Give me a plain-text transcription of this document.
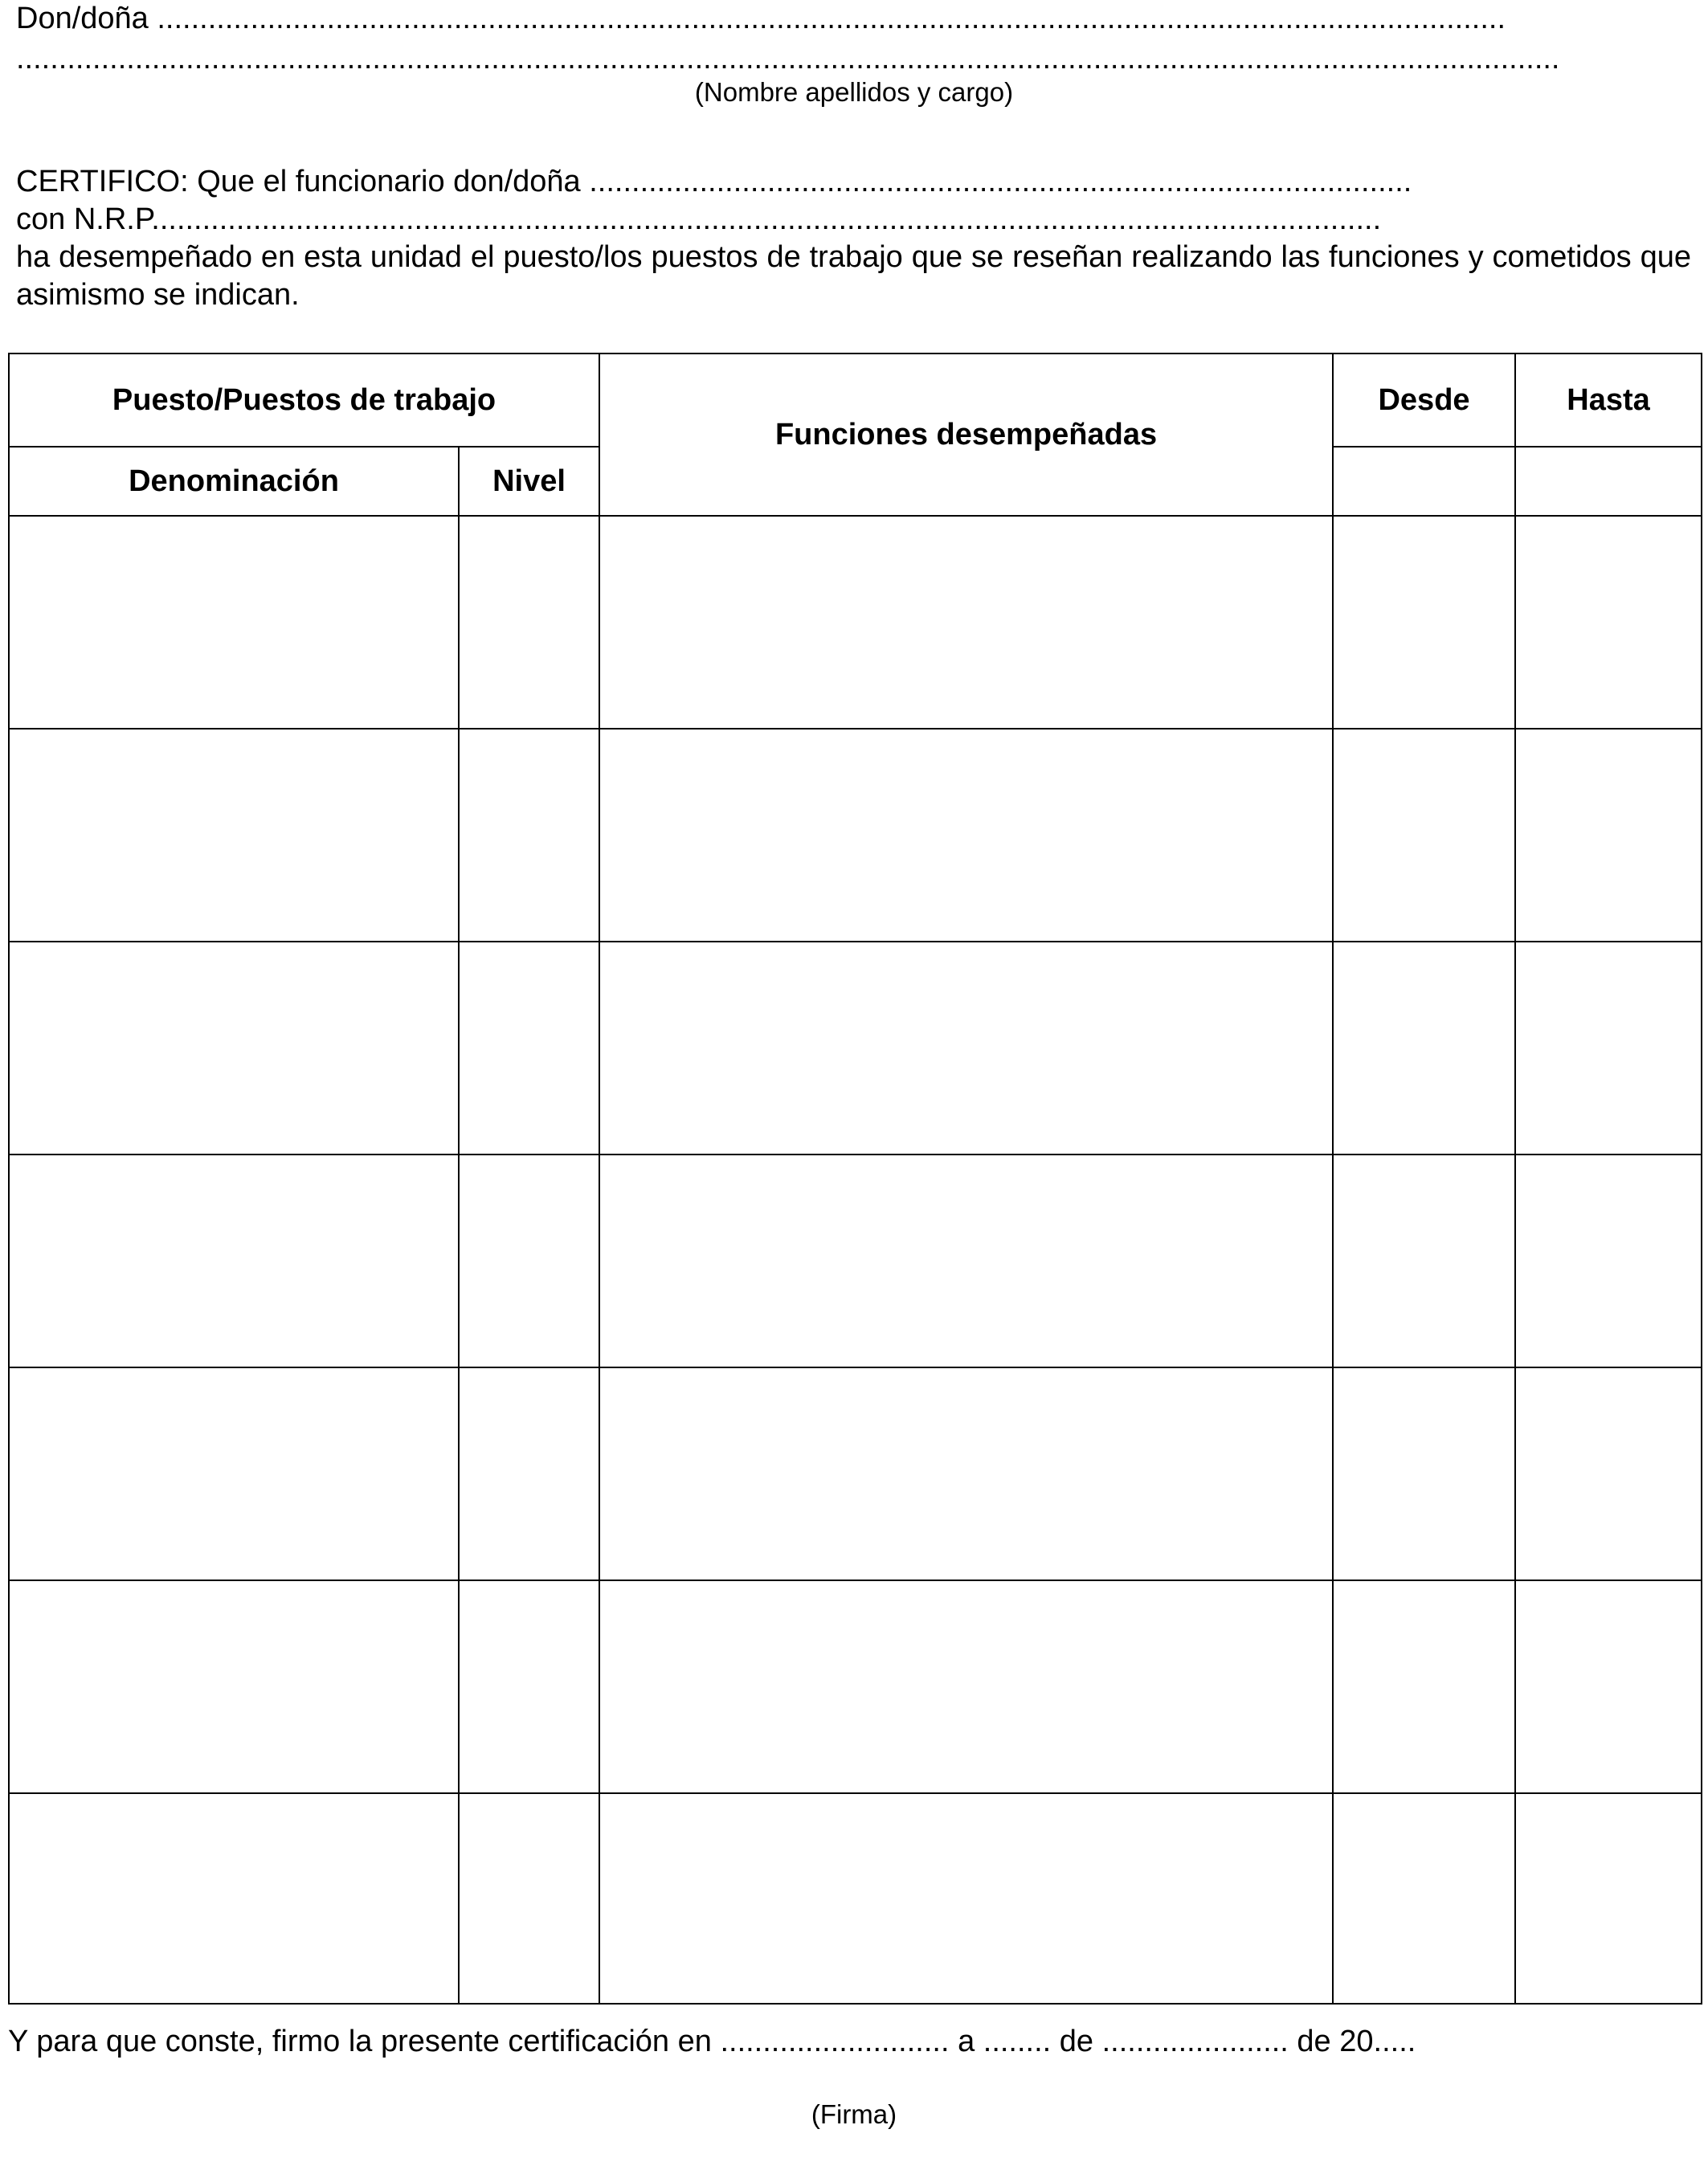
Don/doña ...............................................................................................................................................................
......................................................................................................................................................................................
(Nombre apellidos y cargo)
CERTIFICO: Que el funcionario don/doña .................................................................................................
con N.R.P.................................................................................................................................................
ha desempeñado en esta unidad el puesto/los puestos de trabajo que se reseñan realizando las funciones y cometidos que asimismo se indican.
Puesto/Puestos de trabajo		Funciones desempeñadas	Desde	Hasta
Denominación	Nivel			

Y para que conste, firmo la presente certificación en ........................... a ........ de ...................... de 20.....
(Firma)
